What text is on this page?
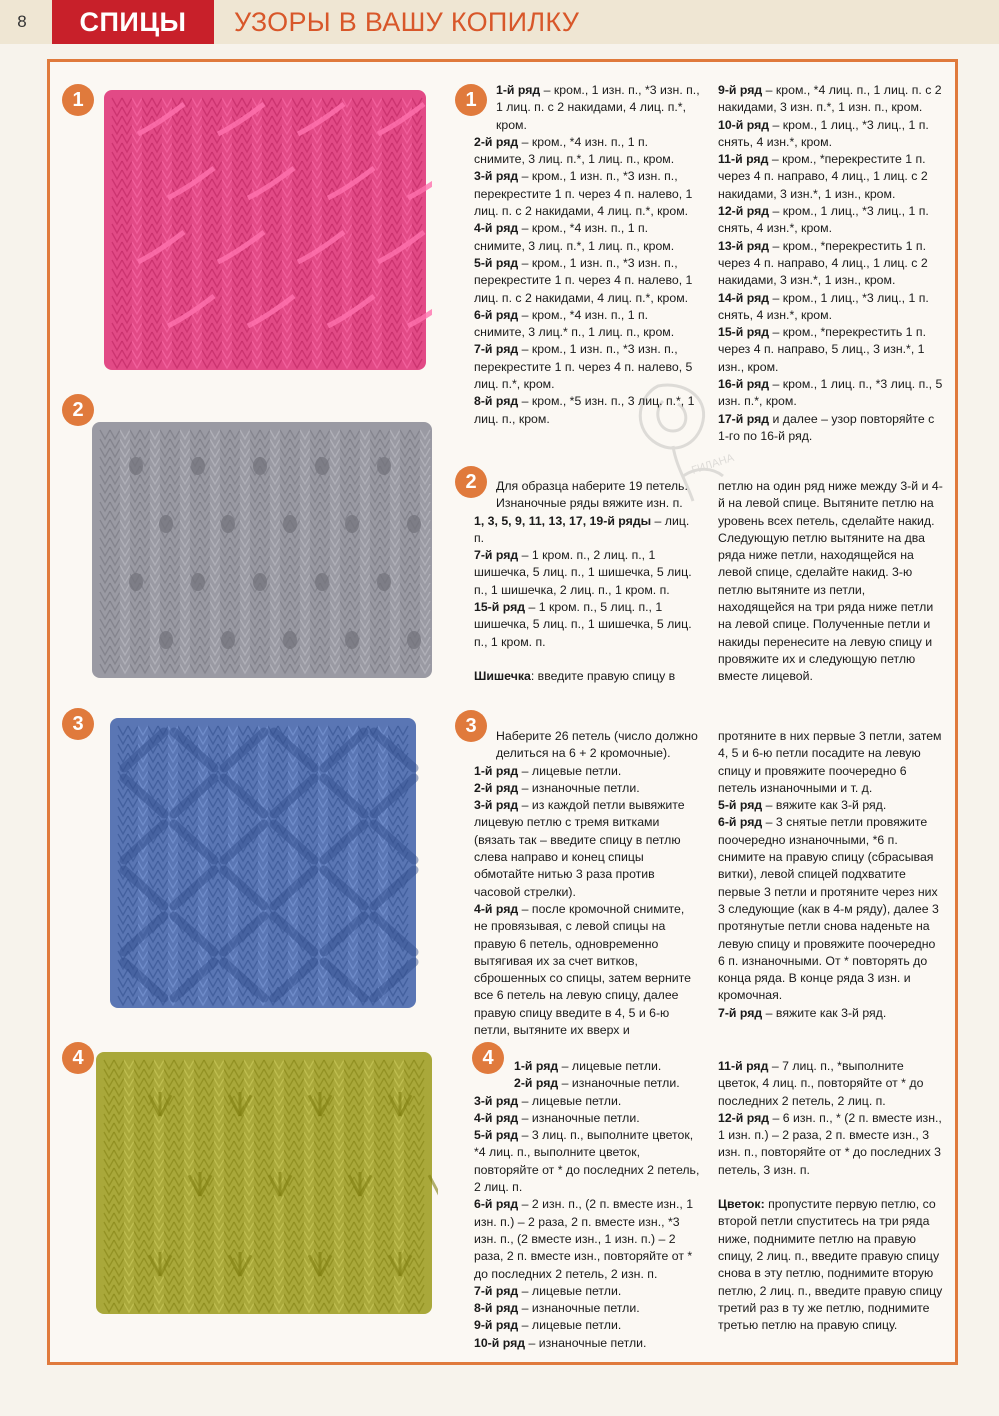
8	СПИЦЫ	УЗОРЫ В ВАШУ КОПИЛКУ
1
2
3
4
1
2
3
4
ГИЛАНА

1-й ряд – кром., 1 изн. п., *3 изн. п., 1 лиц. п. с 2 накидами, 4 лиц. п.*, кром.

2-й ряд – кром., *4 изн. п., 1 п. снимите, 3 лиц. п.*, 1 лиц. п., кром.

3-й ряд – кром., 1 изн. п., *3 изн. п., перекрестите 1 п. через 4 п. налево, 1 лиц. п. с 2 накидами, 4 лиц. п.*, кром.

4-й ряд – кром., *4 изн. п., 1 п. снимите, 3 лиц. п.*, 1 лиц. п., кром.

5-й ряд – кром., 1 изн. п., *3 изн. п., перекрестите 1 п. через 4 п. налево, 1 лиц. п. с 2 накидами, 4 лиц. п.*, кром.

6-й ряд – кром., *4 изн. п., 1 п. снимите, 3 лиц.* п., 1 лиц. п., кром.

7-й ряд – кром., 1 изн. п., *3 изн. п., перекрестите 1 п. через 4 п. налево, 5 лиц. п.*, кром.

8-й ряд – кром., *5 изн. п., 3 лиц. п.*, 1 лиц. п., кром.

9-й ряд – кром., *4 лиц. п., 1 лиц. п. с 2 накидами, 3 изн. п.*, 1 изн. п., кром.

10-й ряд – кром., 1 лиц., *3 лиц., 1 п. снять, 4 изн.*, кром.

11-й ряд – кром., *перекрестите 1 п. через 4 п. направо, 4 лиц., 1 лиц. с 2 накидами, 3 изн.*, 1 изн., кром.

12-й ряд – кром., 1 лиц., *3 лиц., 1 п. снять, 4 изн.*, кром.

13-й ряд – кром., *перекрестить 1 п. через 4 п. направо, 4 лиц., 1 лиц. с 2 накидами, 3 изн.*, 1 изн., кром.

14-й ряд – кром., 1 лиц., *3 лиц., 1 п. снять, 4 изн.*, кром.

15-й ряд – кром., *перекрестить 1 п. через 4 п. направо, 5 лиц., 3 изн.*, 1 изн., кром.

16-й ряд – кром., 1 лиц. п., *3 лиц. п., 5 изн. п.*, кром.

17-й ряд и далее – узор повторяйте с 1-го по 16-й ряд.

Для образца наберите 19 петель. Изнаночные ряды вяжите изн. п.

1, 3, 5, 9, 11, 13, 17, 19-й ряды – лиц. п.

7-й ряд – 1 кром. п., 2 лиц. п., 1 шишечка, 5 лиц. п., 1 шишечка, 5 лиц. п., 1 шишечка, 2 лиц. п., 1 кром. п.

15-й ряд – 1 кром. п., 5 лиц. п., 1 шишечка, 5 лиц. п., 1 шишечка, 5 лиц. п., 1 кром. п.

Шишечка: введите правую спицу в

петлю на один ряд ниже между 3-й и 4-й на левой спице. Вытяните петлю на уровень всех петель, сделайте накид. Следующую петлю вытяните на два ряда ниже петли, находящейся на левой спице, сделайте накид. 3-ю петлю вытяните из петли, находящейся на три ряда ниже петли на левой спице. Полученные петли и накиды перенесите на левую спицу и провяжите их и следующую петлю вместе лицевой.

Наберите 26 петель (число должно делиться на 6 + 2 кромочные).

1-й ряд – лицевые петли.

2-й ряд – изнаночные петли.

3-й ряд – из каждой петли вывяжите лицевую петлю с тремя витками (вязать так – введите спицу в петлю слева направо и конец спицы обмотайте нитью 3 раза против часовой стрелки).

4-й ряд – после кромочной снимите, не провязывая, с левой спицы на правую 6 петель, одновременно вытягивая их за счет витков, сброшенных со спицы, затем верните все 6 петель на левую спицу, далее правую спицу введите в 4, 5 и 6-ю петли, вытяните их вверх и

протяните в них первые 3 петли, затем 4, 5 и 6-ю петли посадите на левую спицу и провяжите поочередно 6 петель изнаночными и т. д.

5-й ряд – вяжите как 3-й ряд.

6-й ряд – 3 снятые петли провяжите поочередно изнаночными, *6 п. снимите на правую спицу (сбрасывая витки), левой спицей подхватите первые 3 петли и протяните через них 3 следующие (как в 4-м ряду), далее 3 протянутые петли снова наденьте на левую спицу и провяжите поочередно 6 п. изнаночными. От * повторять до конца ряда. В конце ряда 3 изн. и кромочная.

7-й ряд – вяжите как 3-й ряд.

1-й ряд – лицевые петли.

2-й ряд – изнаночные петли.

3-й ряд – лицевые петли.

4-й ряд – изнаночные петли.

5-й ряд – 3 лиц. п., выполните цветок, *4 лиц. п., выполните цветок, повторяйте от * до последних 2 петель, 2 лиц. п.

6-й ряд – 2 изн. п., (2 п. вместе изн., 1 изн. п.) – 2 раза, 2 п. вместе изн., *3 изн. п., (2 вместе изн., 1 изн. п.) – 2 раза, 2 п. вместе изн., повторяйте от * до последних 2 петель, 2 изн. п.

7-й ряд – лицевые петли.

8-й ряд – изнаночные петли.

9-й ряд – лицевые петли.

10-й ряд – изнаночные петли.

11-й ряд – 7 лиц. п., *выполните цветок, 4 лиц. п., повторяйте от * до последних 2 петель, 2 лиц. п.

12-й ряд – 6 изн. п., * (2 п. вместе изн., 1 изн. п.) – 2 раза, 2 п. вместе изн., 3 изн. п., повторяйте от * до последних 3 петель, 3 изн. п.

Цветок: пропустите первую петлю, со второй петли спуститесь на три ряда ниже, поднимите петлю на правую спицу, 2 лиц. п., введите правую спицу снова в эту петлю, поднимите вторую петлю, 2 лиц. п., введите правую спицу третий раз в ту же петлю, поднимите третью петлю на правую спицу.
